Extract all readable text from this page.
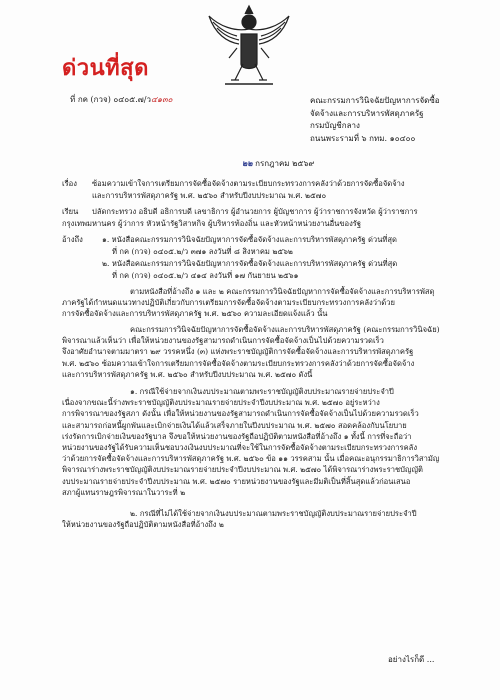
ด่วนที่สุด
ที่ กค (กวจ) ๐๔๐๕.๗/ว๔๑๓๐	คณะกรรมการวินิจฉัยปัญหาการจัดซื้อ
จัดจ้างและการบริหารพัสดุภาครัฐ
กรมบัญชีกลาง
ถนนพระรามที่ ๖ กทม. ๑๐๔๐๐
๒๒ กรกฎาคม ๒๕๖๙
เรื่อง ซ้อมความเข้าใจการเตรียมการจัดซื้อจัดจ้างตามระเบียบกระทรวงการคลังว่าด้วยการจัดซื้อจัดจ้าง
และการบริหารพัสดุภาครัฐ พ.ศ. ๒๕๖๐ สำหรับปีงบประมาณ พ.ศ. ๒๕๗๐
เรียน ปลัดกระทรวง อธิบดี อธิการบดี เลขาธิการ ผู้อำนวยการ ผู้บัญชาการ ผู้ว่าราชการจังหวัด ผู้ว่าราชการ
กรุงเทพมหานคร ผู้ว่าการ หัวหน้ารัฐวิสาหกิจ ผู้บริหารท้องถิ่น และหัวหน้าหน่วยงานอื่นของรัฐ
อ้างถึง	๑. หนังสือคณะกรรมการวินิจฉัยปัญหาการจัดซื้อจัดจ้างและการบริหารพัสดุภาครัฐ ด่วนที่สุด
ที่ กค (กวจ) ๐๔๐๕.๒/ว ๓๗๑ ลงวันที่ ๘ สิงหาคม ๒๕๖๒
๒. หนังสือคณะกรรมการวินิจฉัยปัญหาการจัดซื้อจัดจ้างและการบริหารพัสดุภาครัฐ ด่วนที่สุด
ที่ กค (กวจ) ๐๔๐๕.๒/ว ๔๑๔ ลงวันที่ ๑๗ กันยายน ๒๕๖๑
ตามหนังสือที่อ้างถึง ๑ และ ๒ คณะกรรมการวินิจฉัยปัญหาการจัดซื้อจัดจ้างและการบริหารพัสดุ
ภาครัฐได้กำหนดแนวทางปฏิบัติเกี่ยวกับการเตรียมการจัดซื้อจัดจ้างตามระเบียบกระทรวงการคลังว่าด้วย
การจัดซื้อจัดจ้างและการบริหารพัสดุภาครัฐ พ.ศ. ๒๕๖๐ ความละเอียดแจ้งแล้ว นั้น
คณะกรรมการวินิจฉัยปัญหาการจัดซื้อจัดจ้างและการบริหารพัสดุภาครัฐ (คณะกรรมการวินิจฉัย)
พิจารณาแล้วเห็นว่า เพื่อให้หน่วยงานของรัฐสามารถดำเนินการจัดซื้อจัดจ้างเป็นไปด้วยความรวดเร็ว
จึงอาศัยอำนาจตามมาตรา ๒๙ วรรคหนึ่ง (๓) แห่งพระราชบัญญัติการจัดซื้อจัดจ้างและการบริหารพัสดุภาครัฐ
พ.ศ. ๒๕๖๐ ซ้อมความเข้าใจการเตรียมการจัดซื้อจัดจ้างตามระเบียบกระทรวงการคลังว่าด้วยการจัดซื้อจัดจ้าง
และการบริหารพัสดุภาครัฐ พ.ศ. ๒๕๖๐ สำหรับปีงบประมาณ พ.ศ. ๒๕๗๐ ดังนี้
๑. กรณีใช้จ่ายจากเงินงบประมาณตามพระราชบัญญัติงบประมาณรายจ่ายประจำปี
เนื่องจากขณะนี้ร่างพระราชบัญญัติงบประมาณรายจ่ายประจำปีงบประมาณ พ.ศ. ๒๕๗๐ อยู่ระหว่าง
การพิจารณาของรัฐสภา ดังนั้น เพื่อให้หน่วยงานของรัฐสามารถดำเนินการจัดซื้อจัดจ้างเป็นไปด้วยความรวดเร็ว
และสามารถก่อหนี้ผูกพันและเบิกจ่ายเงินได้แล้วเสร็จภายในปีงบประมาณ พ.ศ. ๒๕๗๐ สอดคล้องกับนโยบาย
เร่งรัดการเบิกจ่ายเงินของรัฐบาล จึงขอให้หน่วยงานของรัฐถือปฏิบัติตามหนังสือที่อ้างถึง ๑ ทั้งนี้ การที่จะถือว่า
หน่วยงานของรัฐได้รับความเห็นชอบวงเงินงบประมาณที่จะใช้ในการจัดซื้อจัดจ้างตามระเบียบกระทรวงการคลัง
ว่าด้วยการจัดซื้อจัดจ้างและการบริหารพัสดุภาครัฐ พ.ศ. ๒๕๖๐ ข้อ ๑๑ วรรคสาม นั้น เมื่อคณะอนุกรรมาธิการวิสามัญ
พิจารณาร่างพระราชบัญญัติงบประมาณรายจ่ายประจำปีงบประมาณ พ.ศ. ๒๕๗๐ ได้พิจารณาร่างพระราชบัญญัติ
งบประมาณรายจ่ายประจำปีงบประมาณ พ.ศ. ๒๕๗๐ รายหน่วยงานของรัฐและมีมติเป็นที่สิ้นสุดแล้วก่อนเสนอ
สภาผู้แทนราษฎรพิจารณาในวาระที่ ๒
๒. กรณีที่ไม่ได้ใช้จ่ายจากเงินงบประมาณตามพระราชบัญญัติงบประมาณรายจ่ายประจำปี
ให้หน่วยงานของรัฐถือปฏิบัติตามหนังสือที่อ้างถึง ๒
อย่างไรก็ดี ...
